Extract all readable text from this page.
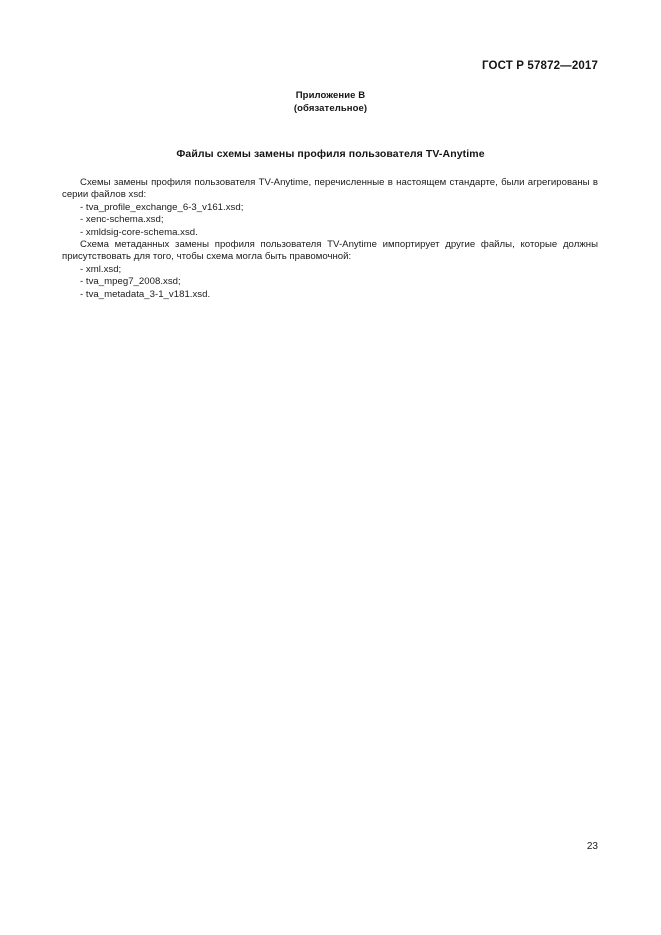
ГОСТ Р 57872—2017
Приложение В
(обязательное)
Файлы схемы замены профиля пользователя TV-Anytime

Схемы замены профиля пользователя TV-Anytime, перечисленные в настоящем стандарте, были агрегированы в серии файлов xsd:

- tva_profile_exchange_6-3_v161.xsd;
- xenc-schema.xsd;
- xmldsig-core-schema.xsd.

Схема метаданных замены профиля пользователя TV-Anytime импортирует другие файлы, которые должны присутствовать для того, чтобы схема могла быть правомочной:

- xml.xsd;
- tva_mpeg7_2008.xsd;
- tva_metadata_3-1_v181.xsd.
23
